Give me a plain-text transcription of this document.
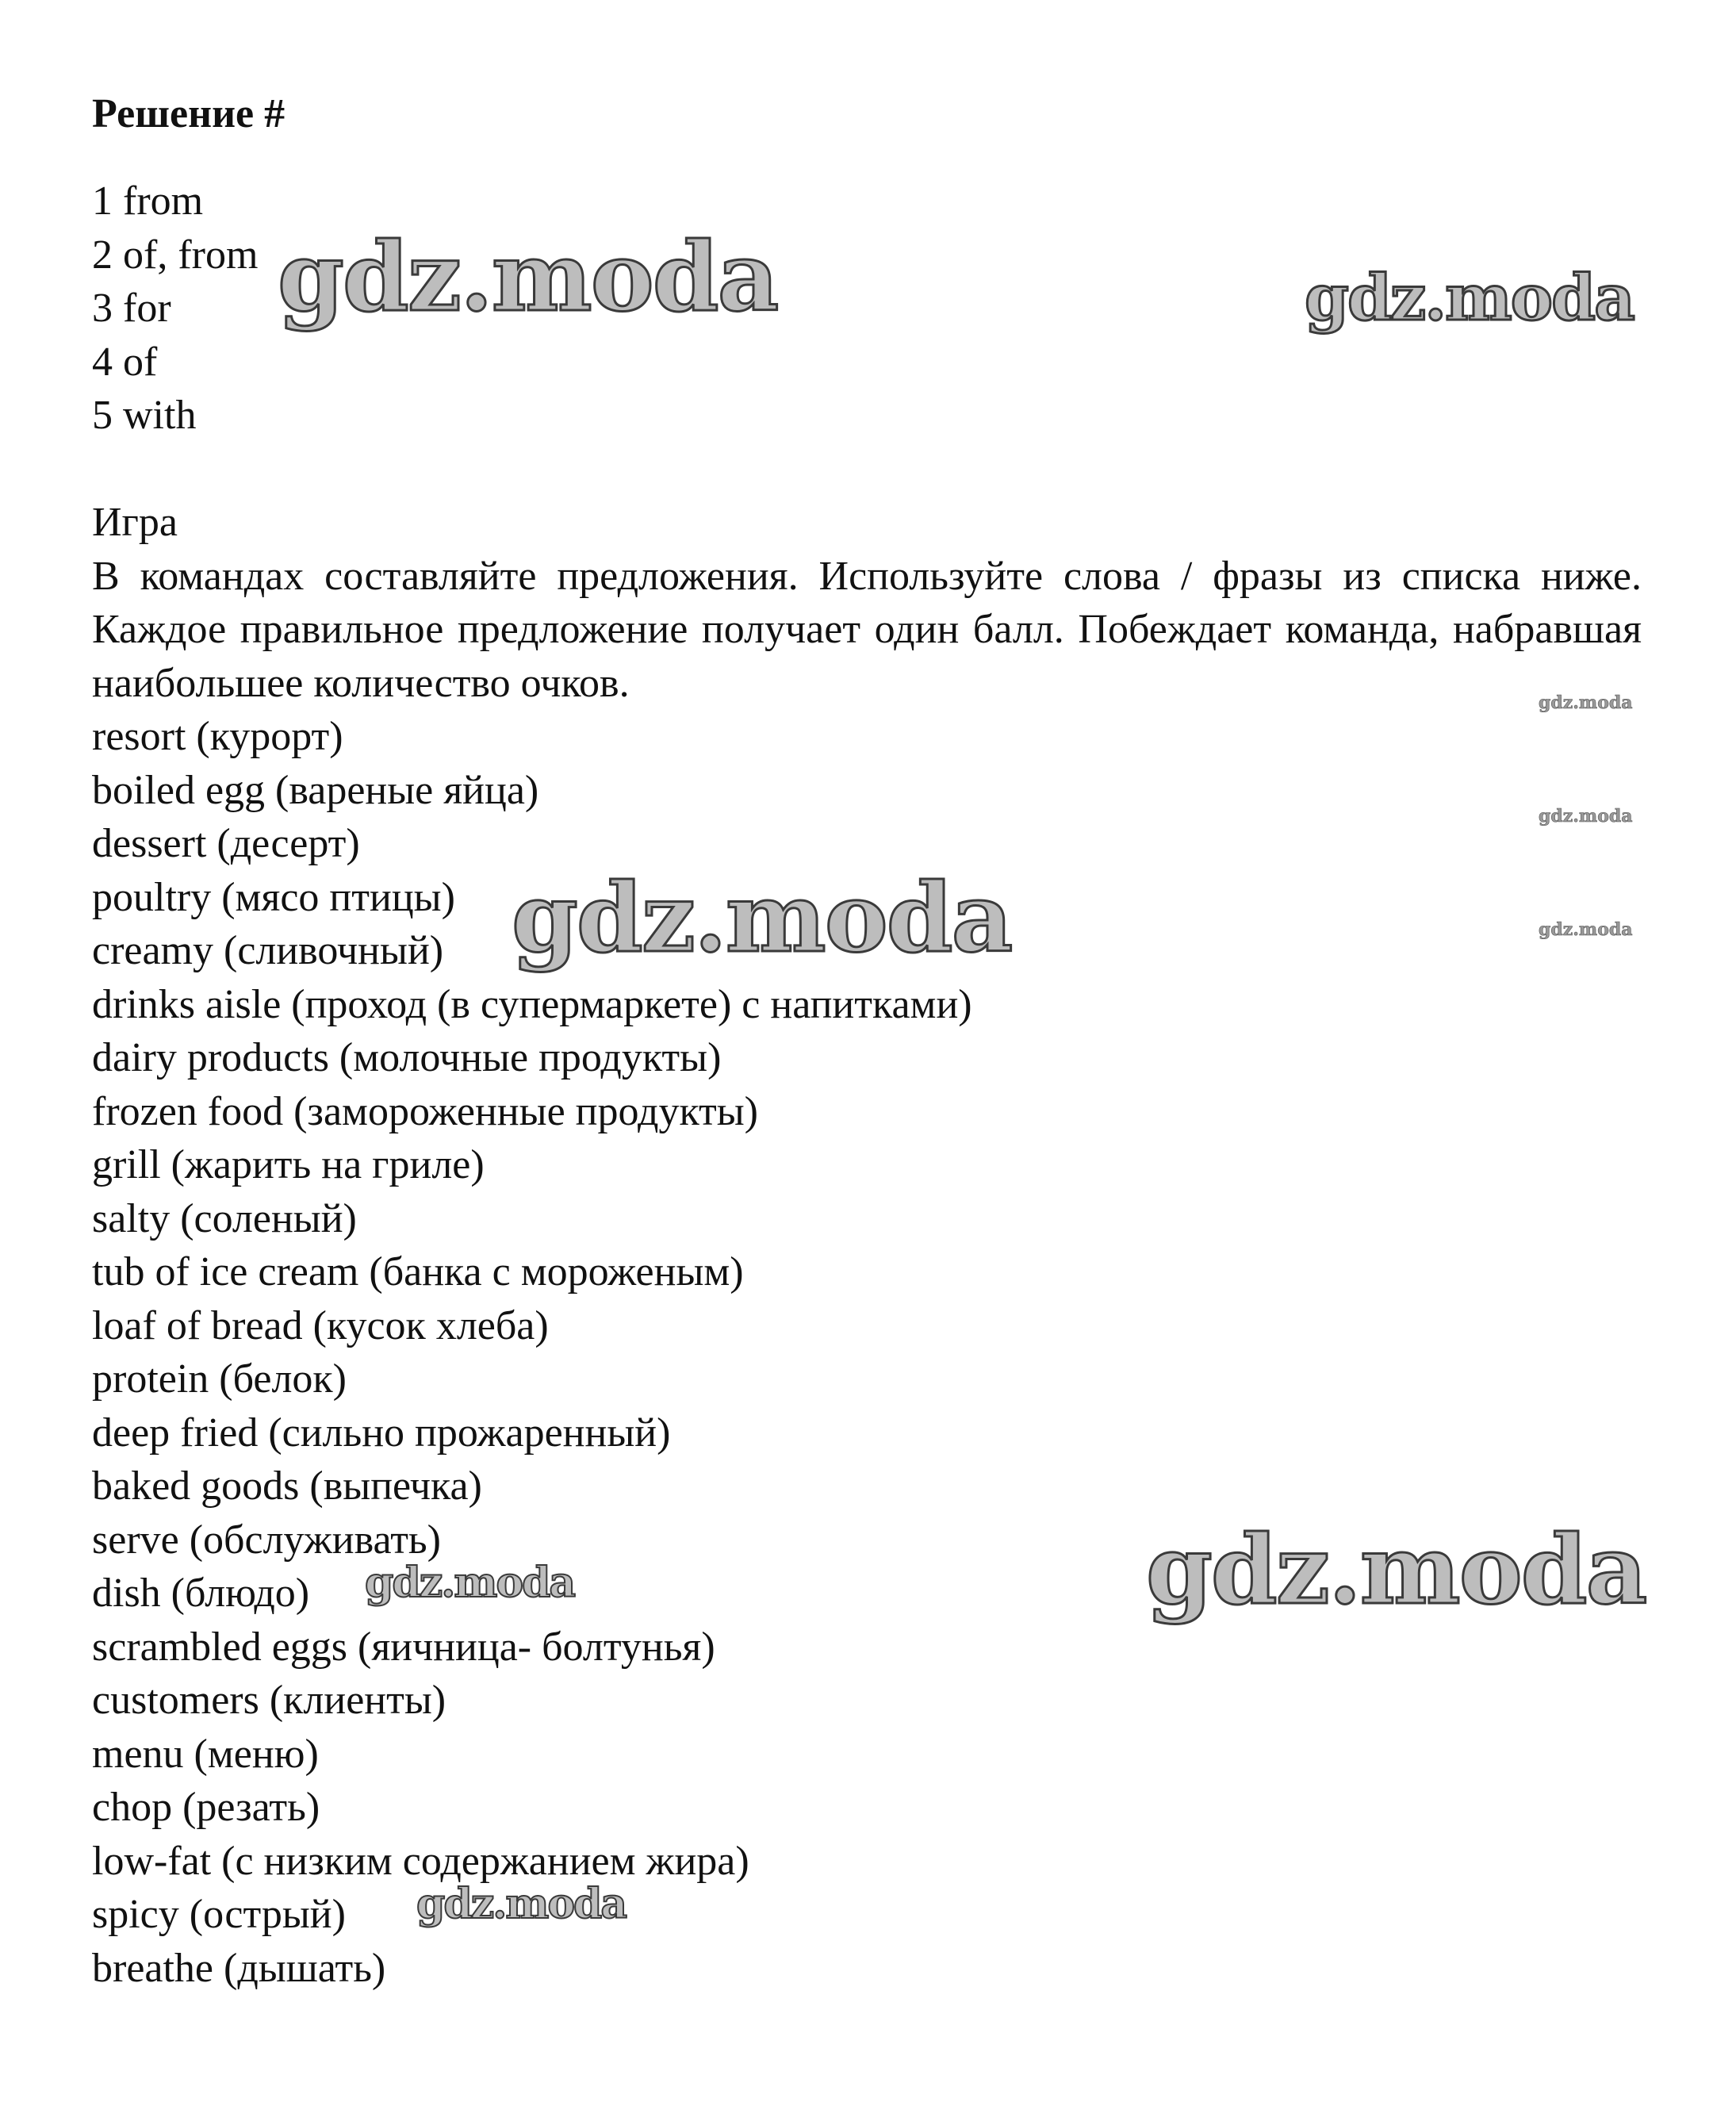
Решение #
1 from
2 of, from
3 for
4 of
5 with

Игра

В командах составляйте предложения. Используйте слова / фразы из списка ниже. Каждое правильное предложение получает один балл. Побеждает команда, набравшая наибольшее количество очков.

resort (курорт)
boiled egg (вареные яйца)
dessert (десерт)
poultry (мясо птицы)
creamy (сливочный)
drinks aisle (проход (в супермаркете) с напитками)
dairy products (молочные продукты)
frozen food (замороженные продукты)
grill (жарить на гриле)
salty (соленый)
tub of ice cream (банка с мороженым)
loaf of bread (кусок хлеба)
protein (белок)
deep fried (сильно прожаренный)
baked goods (выпечка)
serve (обслуживать)
dish (блюдо)
scrambled eggs (яичница- болтунья)
customers (клиенты)
menu (меню)
chop (резать)
low-fat (с низким содержанием жира)
spicy (острый)
breathe (дышать)
gdz.moda	gdz.moda
gdz.moda
gdz.moda
gdz.moda	gdz.moda
gdz.moda
gdz.moda
gdz.moda
